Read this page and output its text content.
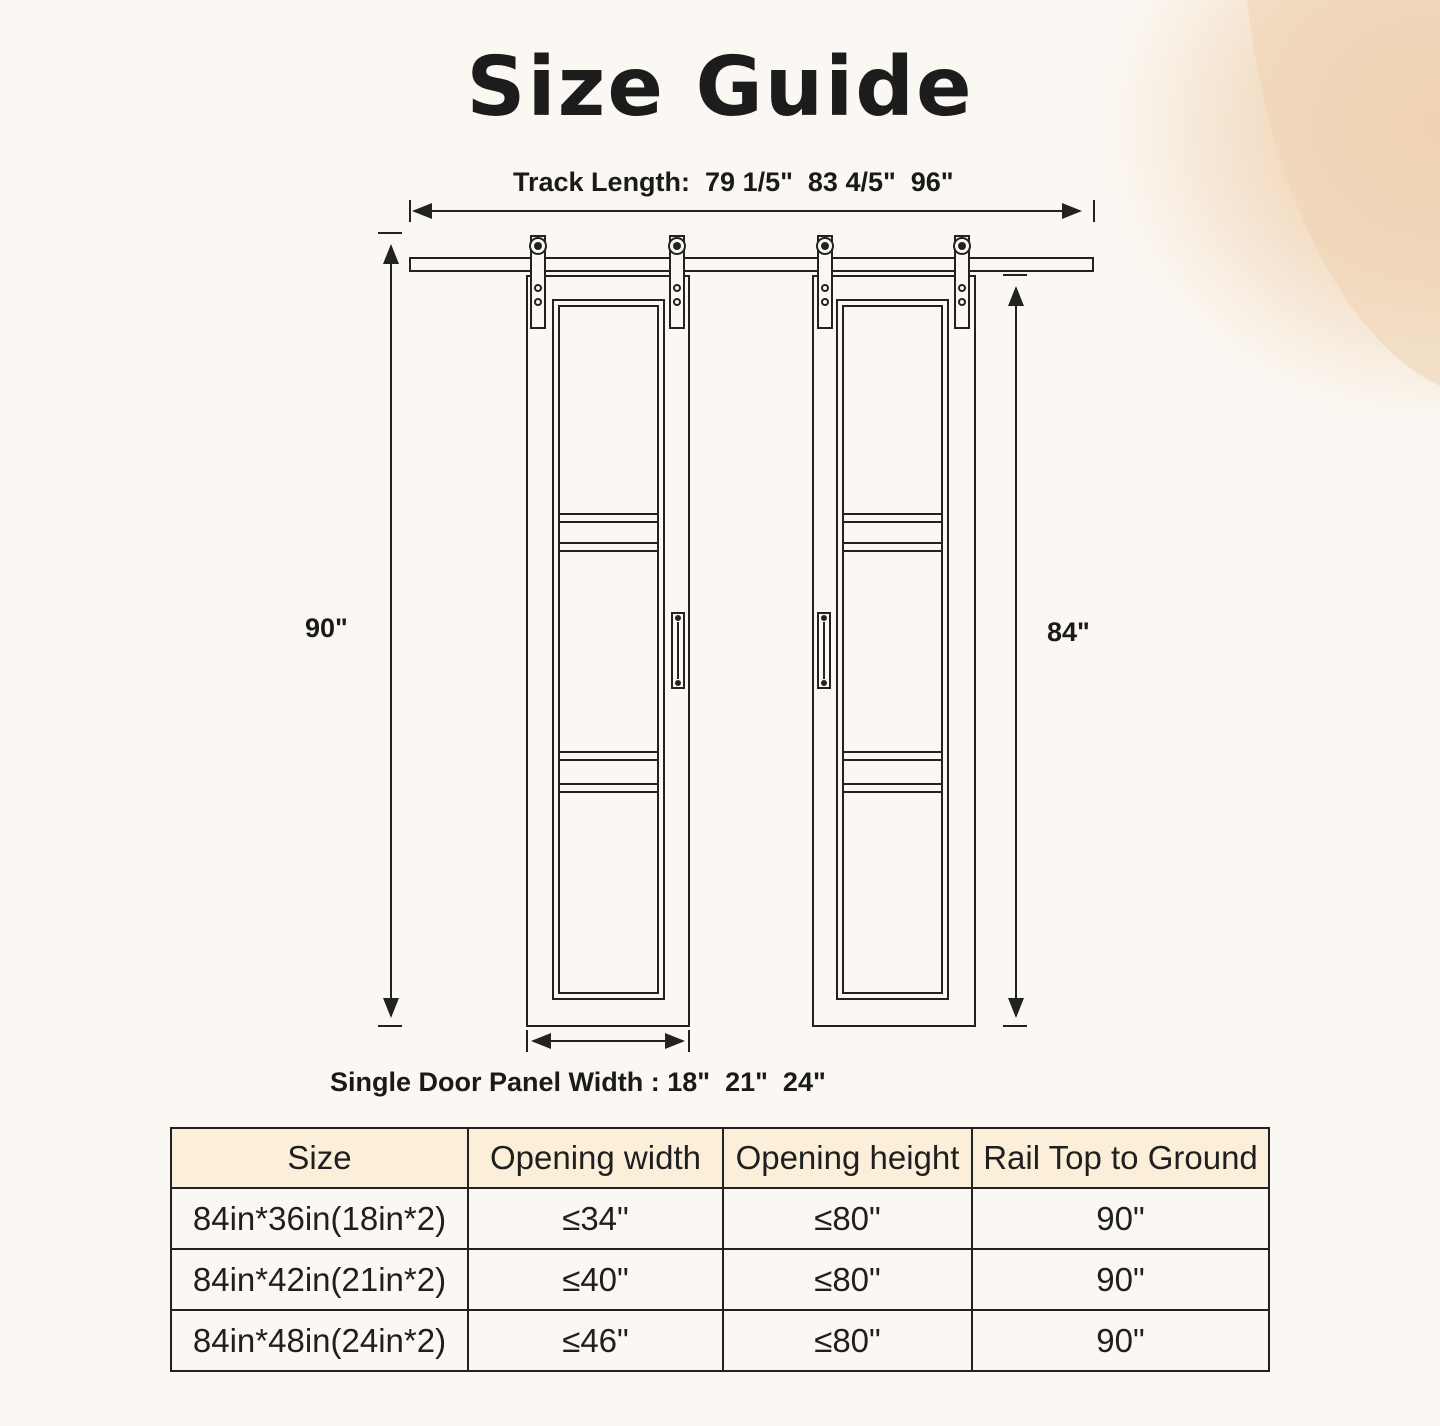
Size Guide
Track Length:  79 1/5"  83 4/5"  96"
90"	84"
Single Door Panel Width : 18"  21"  24"
Size	Opening width	Opening height	Rail Top to Ground
84in*36in(18in*2)	≤34"	≤80"	90"
84in*42in(21in*2)	≤40"	≤80"	90"
84in*48in(24in*2)	≤46"	≤80"	90"
